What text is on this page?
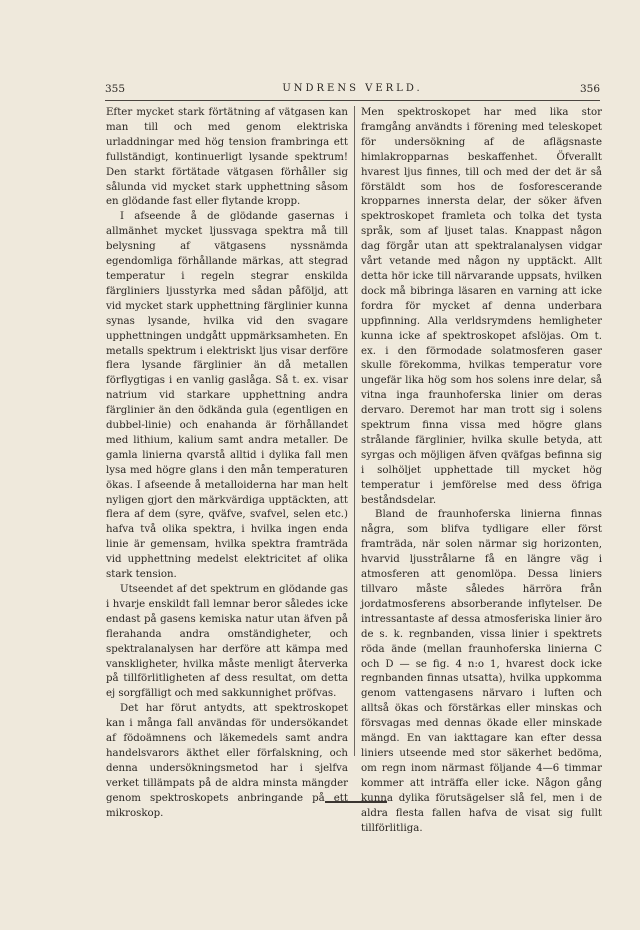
355	UNDRENS VERLD.	356

Efter mycket stark förtätning af vätgasen kan man till och med genom elektriska urladdningar med hög tension frambringa ett fullständigt, kontinuerligt lysande spektrum! Den starkt förtätade vätgasen förhåller sig sålunda vid mycket stark upphettning såsom en glödande fast eller flytande kropp.

I afseende å de glödande gasernas i allmänhet mycket ljussvaga spektra må till belysning af vätgasens nyssnämda egendomliga förhållande märkas, att stegrad temperatur i regeln stegrar enskilda färgliniers ljusstyrka med sådan påföljd, att vid mycket stark upphettning färglinier kunna synas lysande, hvilka vid den svagare upphettningen undgått uppmärksamheten. En metalls spektrum i elektriskt ljus visar derföre flera lysande färglinier än då metallen förflygtigas i en vanlig gaslåga. Så t. ex. visar natrium vid starkare upphettning andra färglinier än den ödkända gula (egentligen en dubbel-linie) och enahanda är förhållandet med lithium, kalium samt andra metaller. De gamla linierna qvarstå alltid i dylika fall men lysa med högre glans i den mån temperaturen ökas. I afseende å metalloiderna har man helt nyligen gjort den märkvärdiga upptäckten, att flera af dem (syre, qväfve, svafvel, selen etc.) hafva två olika spektra, i hvilka ingen enda linie är gemensam, hvilka spektra framträda vid upphettning medelst elektricitet af olika stark tension.

Utseendet af det spektrum en glödande gas i hvarje enskildt fall lemnar beror således icke endast på gasens kemiska natur utan äfven på flerahanda andra omständigheter, och spektralanalysen har derföre att kämpa med vanskligheter, hvilka måste menligt återverka på tillförlitligheten af dess resultat, om detta ej sorgfälligt och med sakkunnighet pröfvas.

Det har förut antydts, att spektroskopet kan i många fall användas för undersökandet af födoämnens och läkemedels samt andra handelsvarors äkthet eller förfalskning, och denna undersökningsmetod har i sjelfva verket tillämpats på de aldra minsta mängder genom spektroskopets anbringande på ett mikroskop.

Men spektroskopet har med lika stor framgång användts i förening med teleskopet för undersökning af de aflägsnaste himlakropparnas beskaffenhet. Öfverallt hvarest ljus finnes, till och med der det är så förstäldt som hos de fosforescerande kropparnes innersta delar, der söker äfven spektroskopet framleta och tolka det tysta språk, som af ljuset talas. Knappast någon dag förgår utan att spektralanalysen vidgar vårt vetande med någon ny upptäckt. Allt detta hör icke till närvarande uppsats, hvilken dock må bibringa läsaren en varning att icke fordra för mycket af denna underbara uppfinning. Alla verldsrymdens hemligheter kunna icke af spektroskopet afslöjas. Om t. ex. i den förmodade solatmosferen gaser skulle förekomma, hvilkas temperatur vore ungefär lika hög som hos solens inre delar, så vitna inga fraunhoferska linier om deras dervaro. Deremot har man trott sig i solens spektrum finna vissa med högre glans strålande färglinier, hvilka skulle betyda, att syrgas och möjligen äfven qväfgas befinna sig i solhöljet upphettade till mycket hög temperatur i jemförelse med dess öfriga beståndsdelar.

Bland de fraunhoferska linierna finnas några, som blifva tydligare eller först framträda, när solen närmar sig horizonten, hvarvid ljusstrålarne få en längre väg i atmosferen att genomlöpa. Dessa liniers tillvaro måste således härröra från jordatmosferens absorberande inflytelser. De intressantaste af dessa atmosferiska linier äro de s. k. regnbanden, vissa linier i spektrets röda ände (mellan fraunhoferska linierna C och D — se fig. 4 n:o 1, hvarest dock icke regnbanden finnas utsatta), hvilka uppkomma genom vattengasens närvaro i luften och alltså ökas och förstärkas eller minskas och försvagas med dennas ökade eller minskade mängd. En van iakttagare kan efter dessa liniers utseende med stor säkerhet bedöma, om regn inom närmast följande 4—6 timmar kommer att inträffa eller icke. Någon gång kunna dylika förutsägelser slå fel, men i de aldra flesta fallen hafva de visat sig fullt tillförlitliga.
